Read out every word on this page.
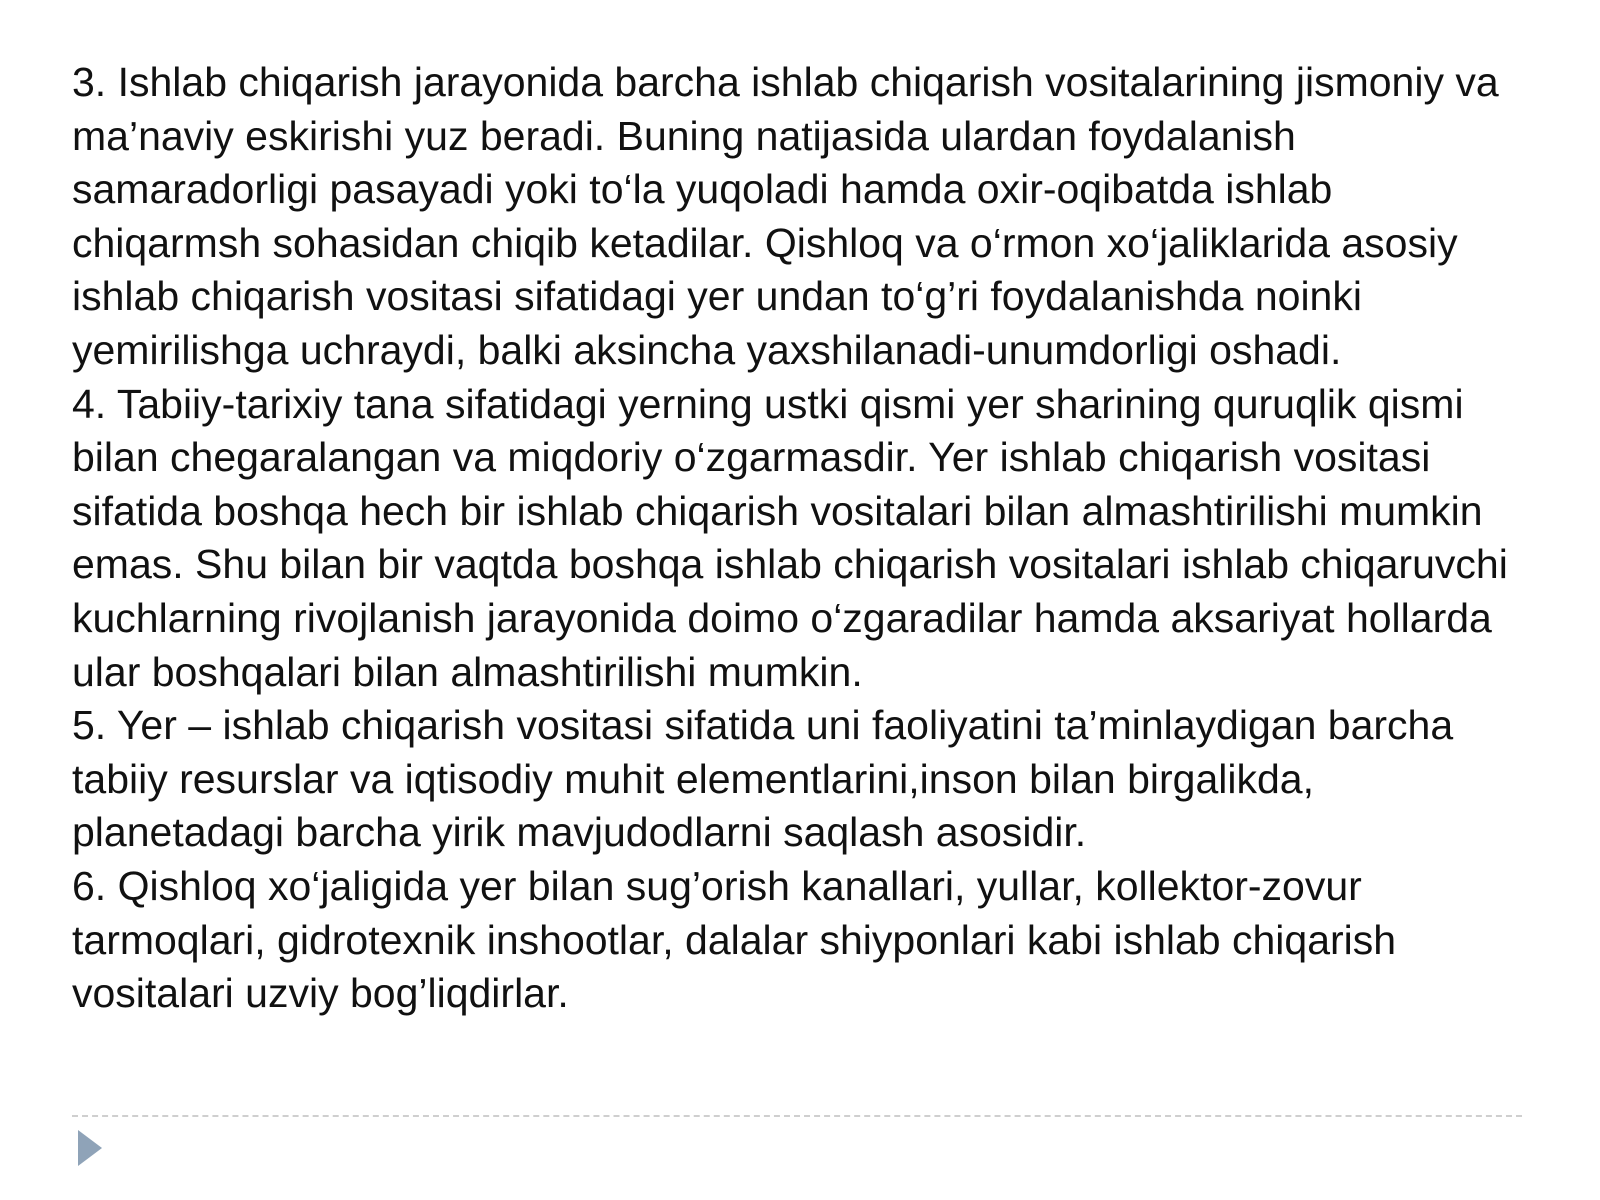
3. Ishlab chiqarish jarayonida barcha ishlab chiqarish vositalarining jismoniy va ma’naviy eskirishi yuz beradi. Buning natijasida ulardan foydalanish samaradorligi pasayadi yoki to‘la yuqoladi hamda oxir-oqibatda ishlab chiqarmsh sohasidan chiqib ketadilar. Qishloq va o‘rmon xo‘jaliklarida asosiy ishlab chiqarish vositasi sifatidagi yer undan to‘g’ri foydalanishda noinki yemirilishga uchraydi, balki aksincha yaxshilanadi-unumdorligi oshadi.

4. Tabiiy-tarixiy tana sifatidagi yerning ustki qismi yer sharining quruqlik qismi bilan chegaralangan va miqdoriy o‘zgarmasdir. Yer ishlab chiqarish vositasi sifatida boshqa hech bir ishlab chiqarish vositalari bilan almashtirilishi mumkin emas. Shu bilan bir vaqtda boshqa ishlab chiqarish vositalari ishlab chiqaruvchi kuchlarning rivojlanish jarayonida doimo o‘zgaradilar hamda aksariyat hollarda ular boshqalari bilan almashtirilishi mumkin.

5. Yer – ishlab chiqarish vositasi sifatida uni faoliyatini ta’minlaydigan barcha tabiiy resurslar va iqtisodiy muhit elementlarini,inson bilan birgalikda, planetadagi barcha yirik mavjudodlarni saqlash asosidir.

6. Qishloq xo‘jaligida yer bilan sug’orish kanallari, yullar, kollektor-zovur tarmoqlari, gidrotexnik inshootlar, dalalar shiyponlari kabi ishlab chiqarish vositalari uzviy bog’liqdirlar.
